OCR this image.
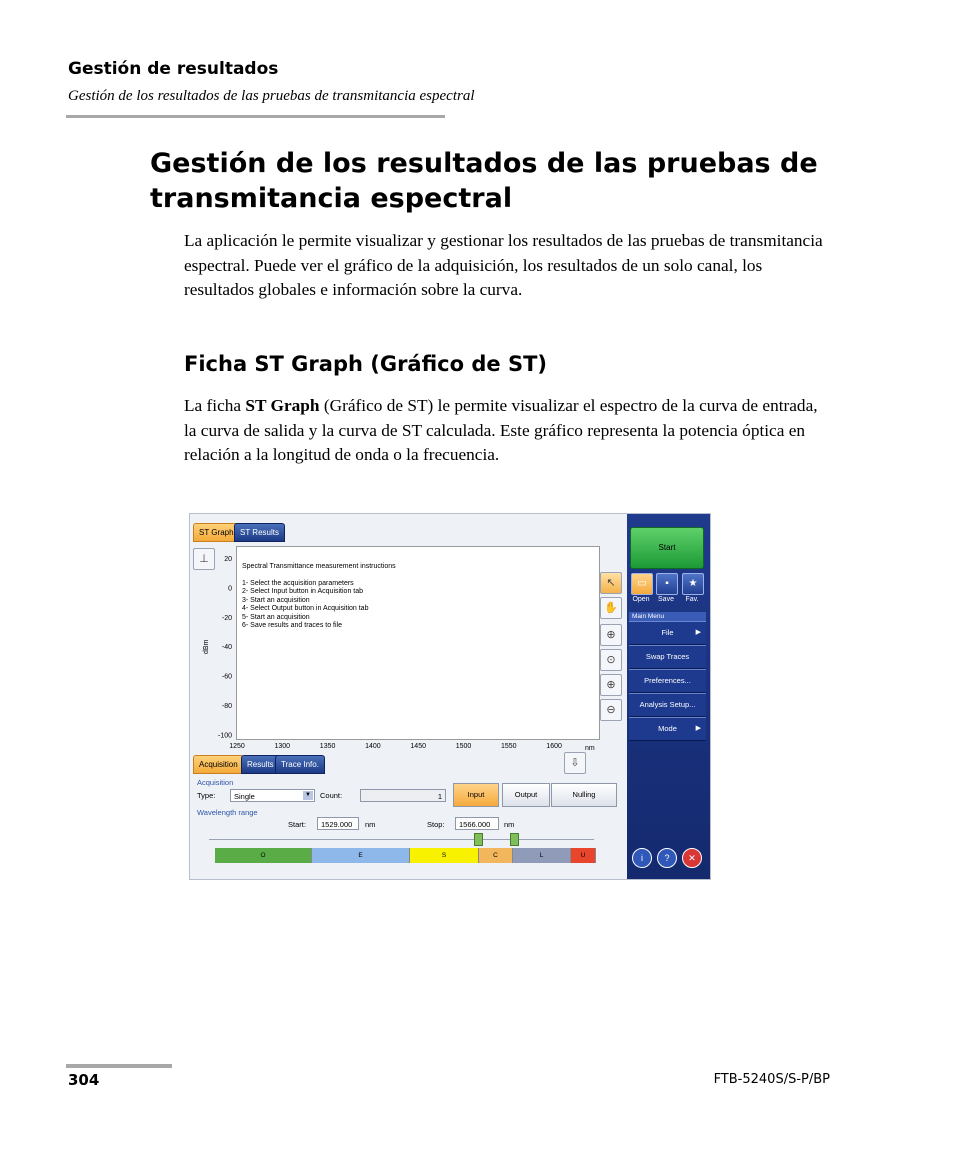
Gestión de resultados
Gestión de los resultados de las pruebas de transmitancia espectral
Gestión de los resultados de las pruebas de transmitancia espectral
La aplicación le permite visualizar y gestionar los resultados de las pruebas de transmitancia espectral. Puede ver el gráfico de la adquisición, los resultados de un solo canal, los resultados globales e información sobre la curva.
Ficha ST Graph (Gráfico de ST)
La ficha ST Graph (Gráfico de ST) le permite visualizar el espectro de la curva de entrada, la curva de salida y la curva de ST calculada. Este gráfico representa la potencia óptica en relación a la longitud de onda o la frecuencia.
ST Graph ST Results
⊥	20
0
-20
-40
-60
-80
-100
1250	1300	1350	1400	1450	1500	1550	1600
dBm
nm
Spectral Transmittance measurement instructions
1- Select the acquisition parameters
2- Select Input button in Acquisition tab
3- Start an acquisition
4- Select Output button in Acquisition tab
5- Start an acquisition
6- Save results and traces to file
↖
✋
⊕
⊙
⊕
⊖
⇩
Acquisition	Results Trace Info.
Acquisition
Type:	Single	▼ Count:	1	Input	Output	Nulling
Wavelength range
Start:	1529.000	nm	Stop:	1566.000	nm
O	E	S	C	L	U
Start
▭	▪	★
Open	Save	Fav.
Main Menu
File	▶
Swap Traces
Preferences...
Analysis Setup...
Mode	▶
i	?	✕
304	FTB-5240S/S-P/BP
